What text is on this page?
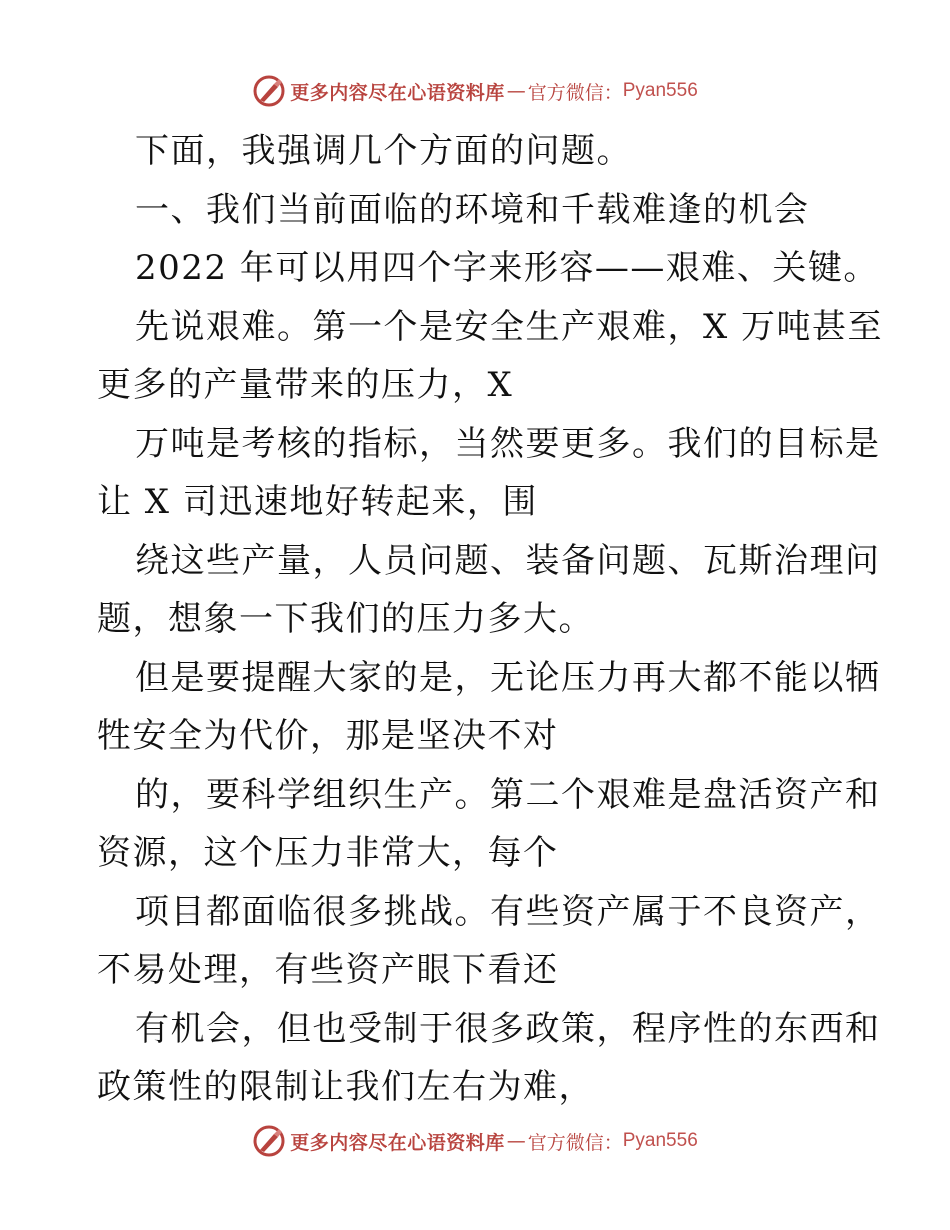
更多内容尽在心语资料库 — 官方微信： Pyan556
下面，我强调几个方面的问题。
一、我们当前面临的环境和千载难逢的机会
2022 年可以用四个字来形容——艰难、关键。
先说艰难。第一个是安全生产艰难，X 万吨甚至
更多的产量带来的压力，X
万吨是考核的指标，当然要更多。我们的目标是
让 X 司迅速地好转起来，围
绕这些产量，人员问题、装备问题、瓦斯治理问
题，想象一下我们的压力多大。
但是要提醒大家的是，无论压力再大都不能以牺
牲安全为代价，那是坚决不对
的，要科学组织生产。第二个艰难是盘活资产和
资源，这个压力非常大，每个
项目都面临很多挑战。有些资产属于不良资产，
不易处理，有些资产眼下看还
有机会，但也受制于很多政策，程序性的东西和
政策性的限制让我们左右为难，
更多内容尽在心语资料库 — 官方微信： Pyan556
